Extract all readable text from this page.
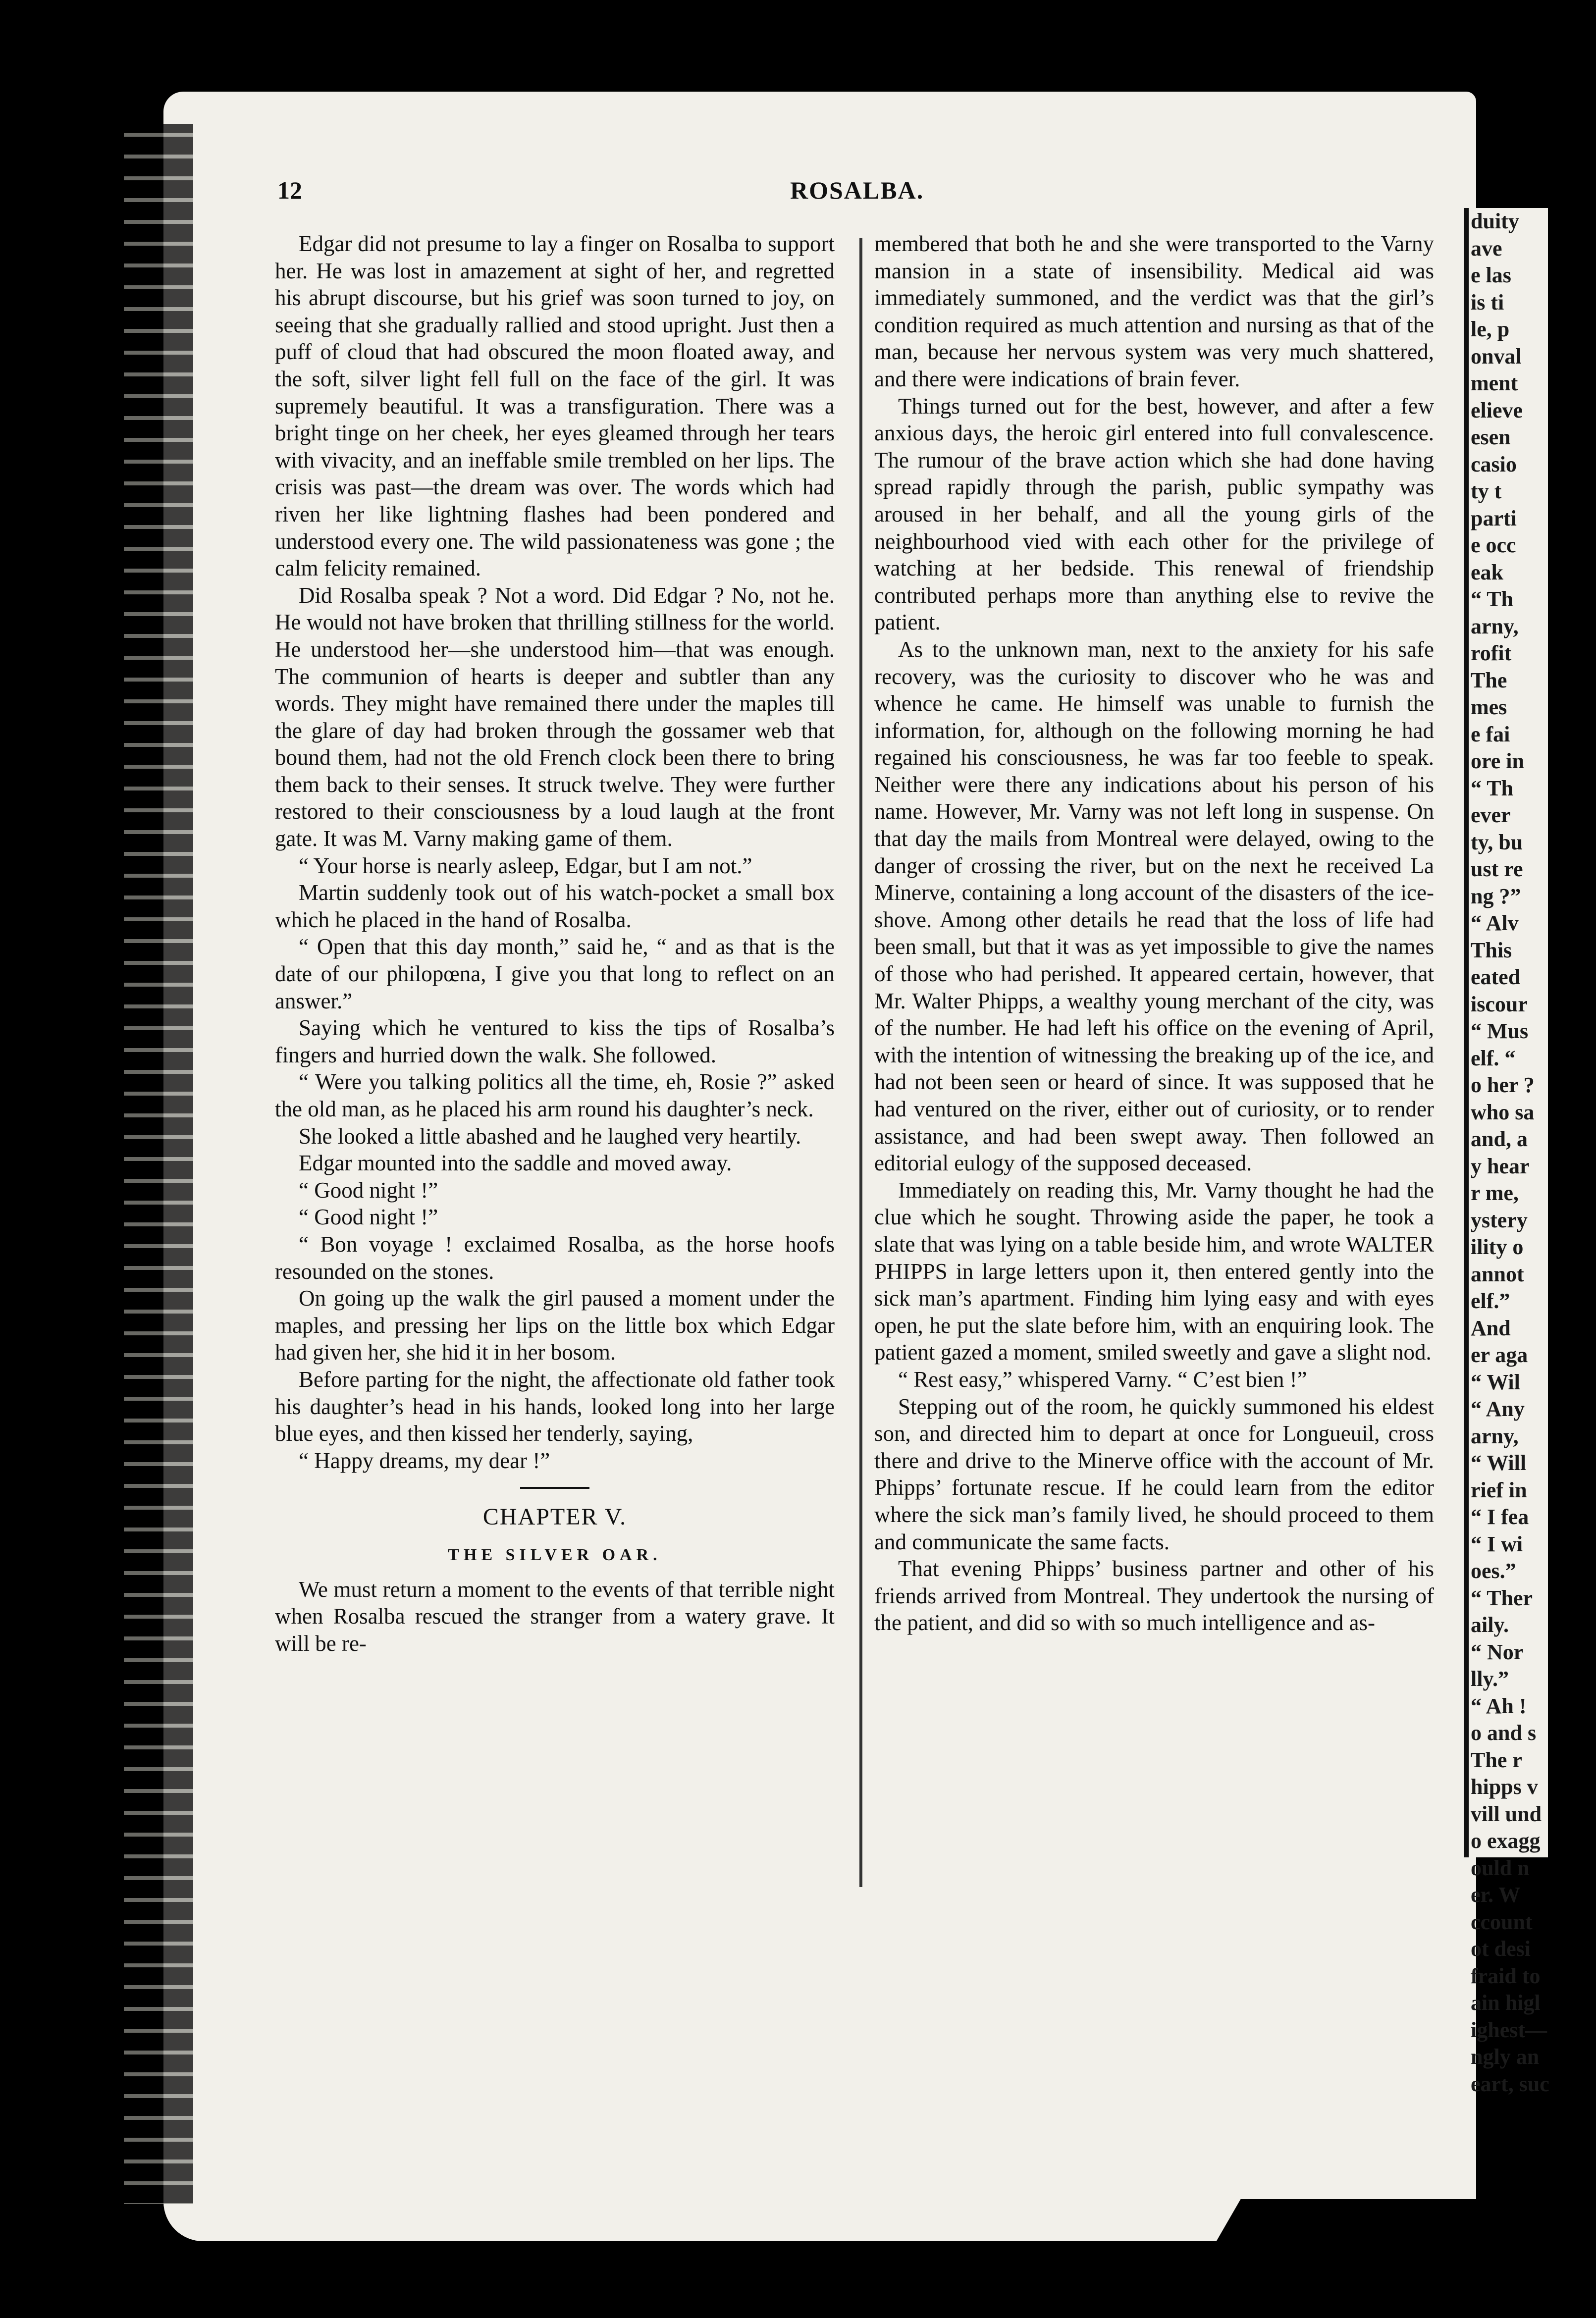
12	ROSALBA.

Edgar did not presume to lay a finger on Rosalba to support her. He was lost in amazement at sight of her, and regretted his abrupt discourse, but his grief was soon turned to joy, on seeing that she gradually rallied and stood upright. Just then a puff of cloud that had obscured the moon floated away, and the soft, silver light fell full on the face of the girl. It was supremely beautiful. It was a transfiguration. There was a bright tinge on her cheek, her eyes gleamed through her tears with vivacity, and an ineffable smile trembled on her lips. The crisis was past—the dream was over. The words which had riven her like lightning flashes had been pondered and understood every one. The wild passionateness was gone ; the calm felicity remained.

Did Rosalba speak ? Not a word. Did Edgar ? No, not he. He would not have broken that thrilling stillness for the world. He understood her—she understood him—that was enough. The communion of hearts is deeper and subtler than any words. They might have remained there under the maples till the glare of day had broken through the gossamer web that bound them, had not the old French clock been there to bring them back to their senses. It struck twelve. They were further restored to their consciousness by a loud laugh at the front gate. It was M. Varny making game of them.

“ Your horse is nearly asleep, Edgar, but I am not.”

Martin suddenly took out of his watch-pocket a small box which he placed in the hand of Rosalba.

“ Open that this day month,” said he, “ and as that is the date of our philopœna, I give you that long to reflect on an answer.”

Saying which he ventured to kiss the tips of Rosalba’s fingers and hurried down the walk. She followed.

“ Were you talking politics all the time, eh, Rosie ?” asked the old man, as he placed his arm round his daughter’s neck.

She looked a little abashed and he laughed very heartily.

Edgar mounted into the saddle and moved away.

“ Good night !”

“ Good night !”

“ Bon voyage ! exclaimed Rosalba, as the horse hoofs resounded on the stones.

On going up the walk the girl paused a moment under the maples, and pressing her lips on the little box which Edgar had given her, she hid it in her bosom.

Before parting for the night, the affectionate old father took his daughter’s head in his hands, looked long into her large blue eyes, and then kissed her tenderly, saying,

“ Happy dreams, my dear !”

CHAPTER V.
THE SILVER OAR.

We must return a moment to the events of that terrible night when Rosalba rescued the stranger from a watery grave. It will be re-

membered that both he and she were transported to the Varny mansion in a state of insensibility. Medical aid was immediately summoned, and the verdict was that the girl’s condition required as much attention and nursing as that of the man, because her nervous system was very much shattered, and there were indications of brain fever.

Things turned out for the best, however, and after a few anxious days, the heroic girl entered into full convalescence. The rumour of the brave action which she had done having spread rapidly through the parish, public sympathy was aroused in her behalf, and all the young girls of the neighbourhood vied with each other for the privilege of watching at her bedside. This renewal of friendship contributed perhaps more than anything else to revive the patient.

As to the unknown man, next to the anxiety for his safe recovery, was the curiosity to discover who he was and whence he came. He himself was unable to furnish the information, for, although on the following morning he had regained his consciousness, he was far too feeble to speak. Neither were there any indications about his person of his name. However, Mr. Varny was not left long in suspense. On that day the mails from Montreal were delayed, owing to the danger of crossing the river, but on the next he received La Minerve, containing a long account of the disasters of the ice-shove. Among other details he read that the loss of life had been small, but that it was as yet impossible to give the names of those who had perished. It appeared certain, however, that Mr. Walter Phipps, a wealthy young merchant of the city, was of the number. He had left his office on the evening of April, with the intention of witnessing the breaking up of the ice, and had not been seen or heard of since. It was supposed that he had ventured on the river, either out of curiosity, or to render assistance, and had been swept away. Then followed an editorial eulogy of the supposed deceased.

Immediately on reading this, Mr. Varny thought he had the clue which he sought. Throwing aside the paper, he took a slate that was lying on a table beside him, and wrote WALTER PHIPPS in large letters upon it, then entered gently into the sick man’s apartment. Finding him lying easy and with eyes open, he put the slate before him, with an enquiring look. The patient gazed a moment, smiled sweetly and gave a slight nod.

“ Rest easy,” whispered Varny. “ C’est bien !”

Stepping out of the room, he quickly summoned his eldest son, and directed him to depart at once for Longueuil, cross there and drive to the Minerve office with the account of Mr. Phipps’ fortunate rescue. If he could learn from the editor where the sick man’s family lived, he should proceed to them and communicate the same facts.

That evening Phipps’ business partner and other of his friends arrived from Montreal. They undertook the nursing of the patient, and did so with so much intelligence and as-

duity
ave
e las
is ti
le, p
onval
ment
elieve
esen
casio
ty t
parti
e occ
eak
“ Th
arny,
rofit
The
mes
e fai
ore in
“ Th
ever
ty, bu
ust re
ng ?”
“ Alv
This
eated
iscour
“ Mus
elf. “
o her ?
who sa
and, a
y hear
r me,
ystery
ility o
annot
elf.”
And
er aga
“ Wil
“ Any
arny,
“ Will
rief in
“ I fea
“ I wi
oes.”
“ Ther
aily.
“ Nor
lly.”
“ Ah !
o and s
The r
hipps v
vill und
o exagg
ould n
er. W
ccount
ot desi
fraid to
ain higl
ighest—
ngly an
eart, suc
